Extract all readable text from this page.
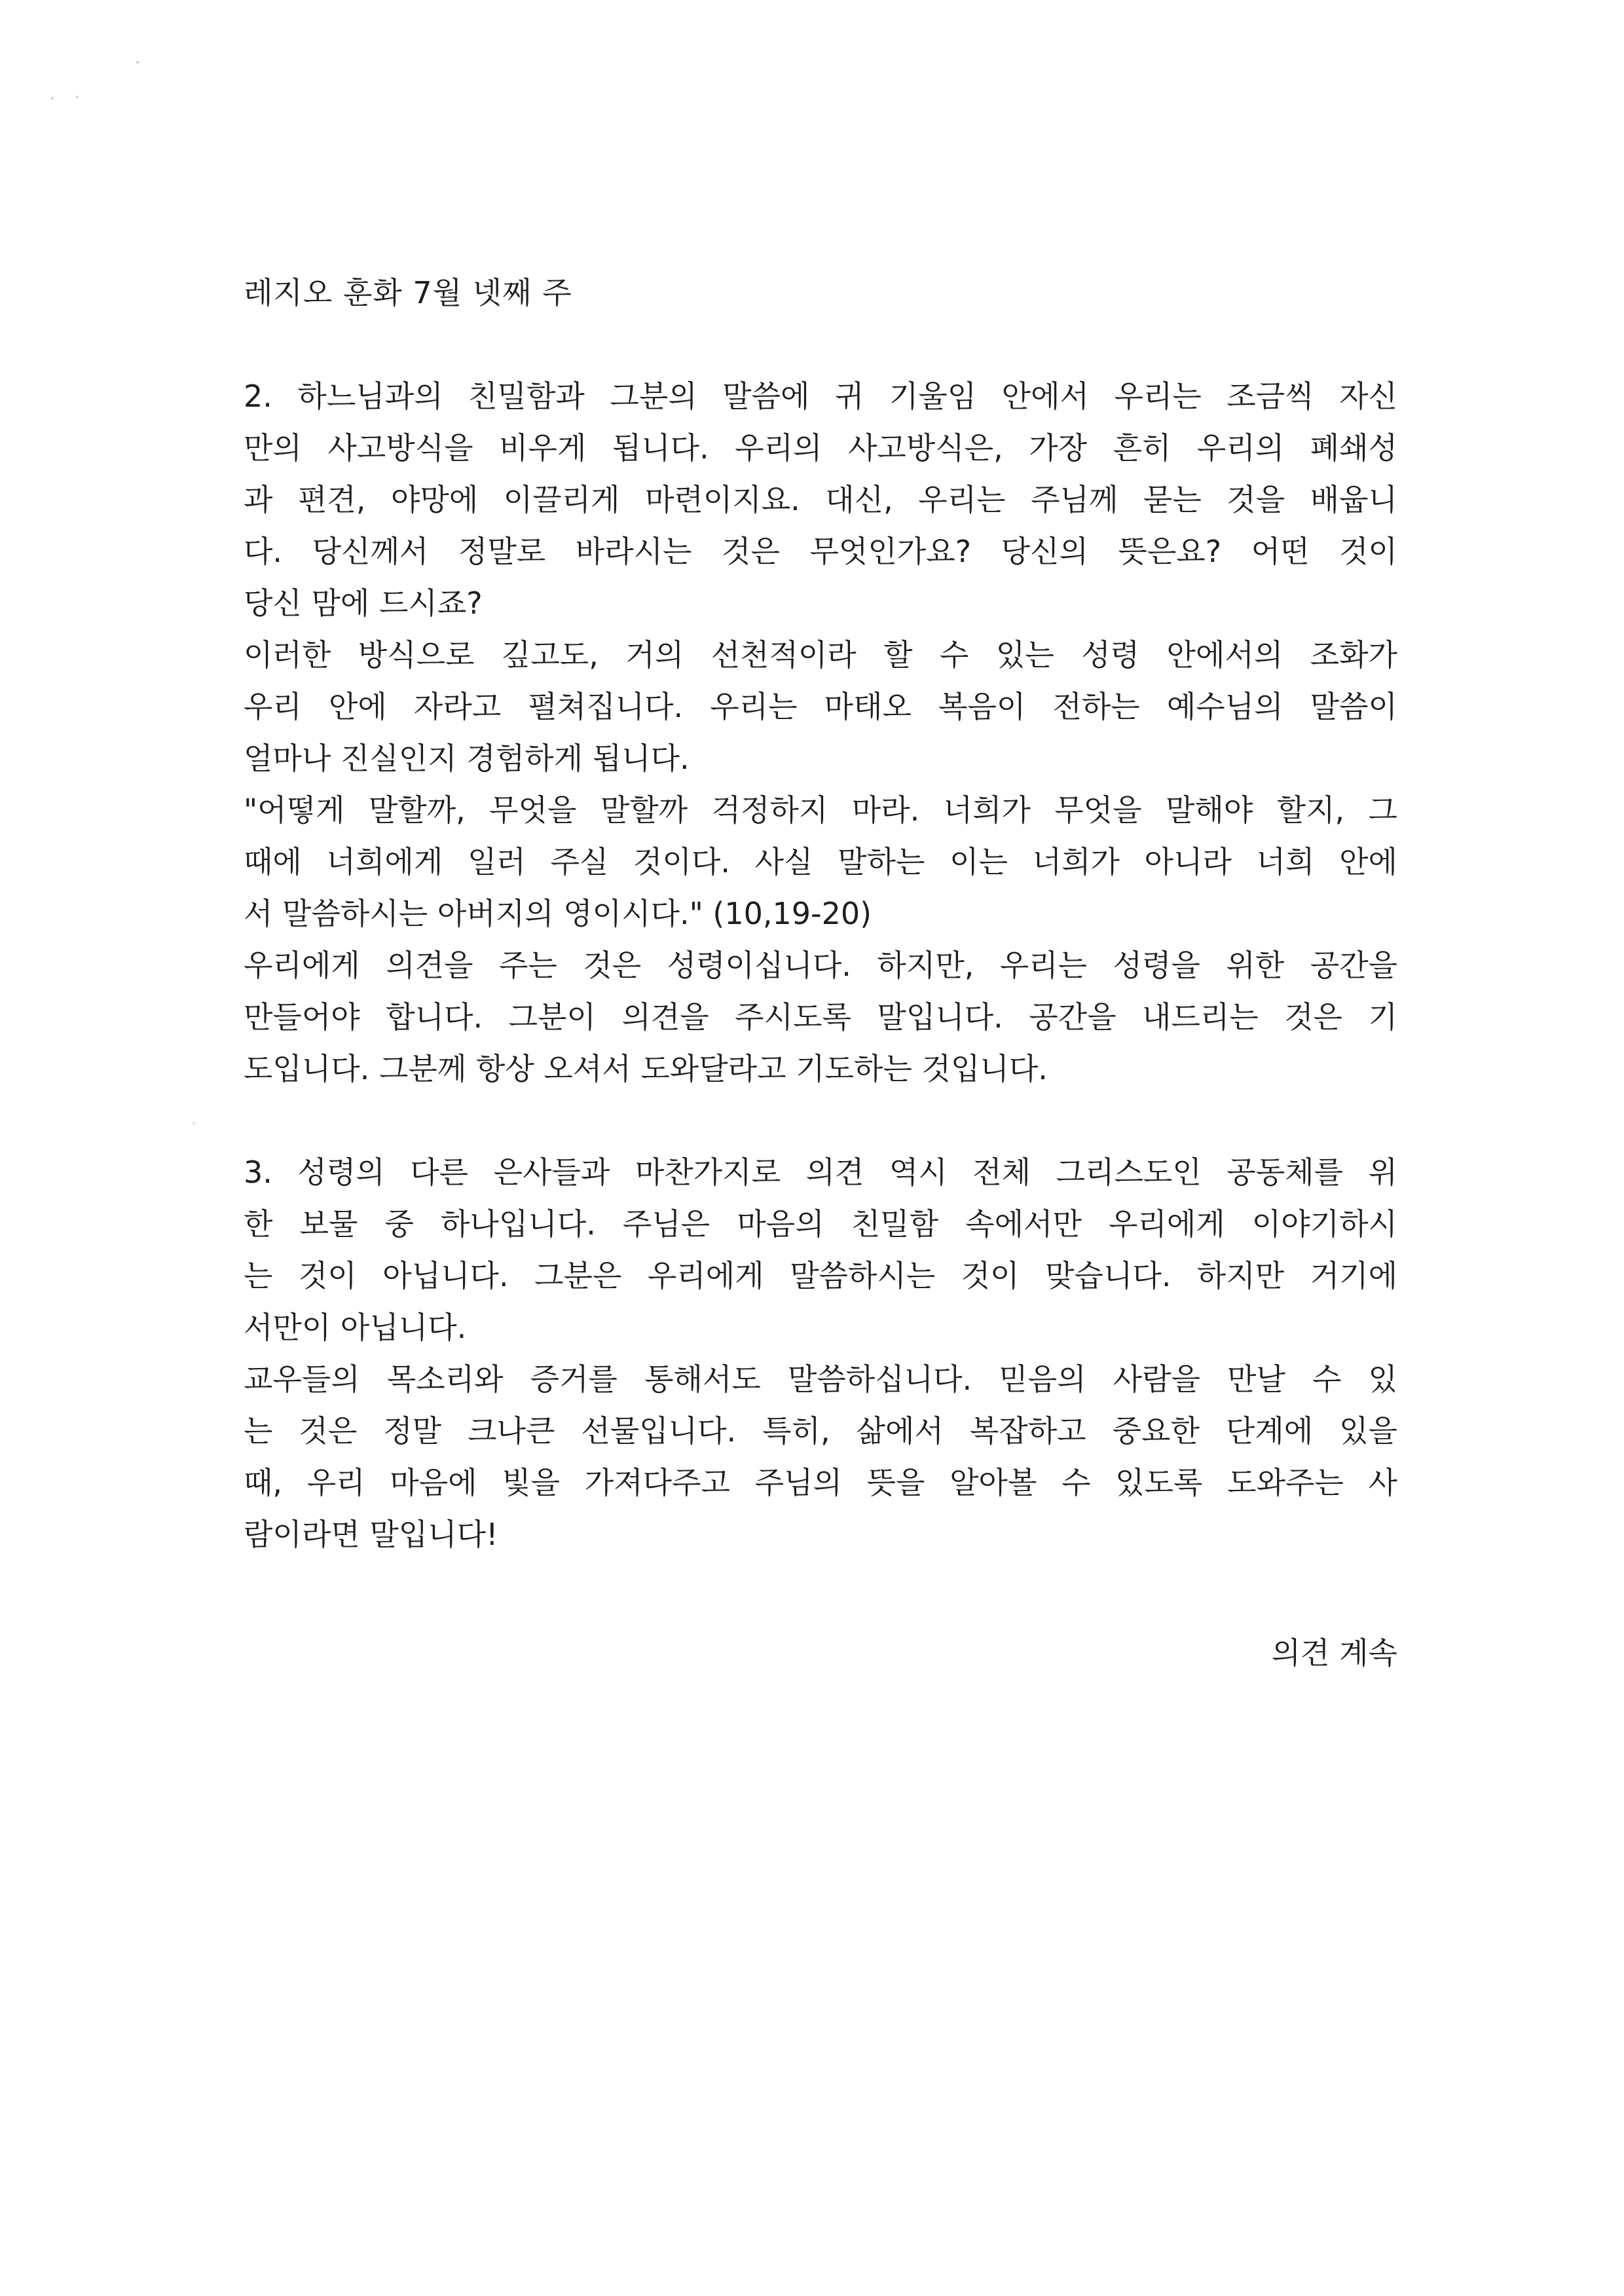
레지오 훈화 7월 넷째 주

2. 하느님과의 친밀함과 그분의 말씀에 귀 기울임 안에서 우리는 조금씩 자신
만의 사고방식을 비우게 됩니다. 우리의 사고방식은, 가장 흔히 우리의 폐쇄성
과 편견, 야망에 이끌리게 마련이지요. 대신, 우리는 주님께 묻는 것을 배웁니
다. 당신께서 정말로 바라시는 것은 무엇인가요? 당신의 뜻은요? 어떤 것이
당신 맘에 드시죠?
이러한 방식으로 깊고도, 거의 선천적이라 할 수 있는 성령 안에서의 조화가
우리 안에 자라고 펼쳐집니다. 우리는 마태오 복음이 전하는 예수님의 말씀이
얼마나 진실인지 경험하게 됩니다.
"어떻게 말할까, 무엇을 말할까 걱정하지 마라. 너희가 무엇을 말해야 할지, 그
때에 너희에게 일러 주실 것이다. 사실 말하는 이는 너희가 아니라 너희 안에
서 말씀하시는 아버지의 영이시다." (10,19-20)
우리에게 의견을 주는 것은 성령이십니다. 하지만, 우리는 성령을 위한 공간을
만들어야 합니다. 그분이 의견을 주시도록 말입니다. 공간을 내드리는 것은 기
도입니다. 그분께 항상 오셔서 도와달라고 기도하는 것입니다.
3. 성령의 다른 은사들과 마찬가지로 의견 역시 전체 그리스도인 공동체를 위
한 보물 중 하나입니다. 주님은 마음의 친밀함 속에서만 우리에게 이야기하시
는 것이 아닙니다. 그분은 우리에게 말씀하시는 것이 맞습니다. 하지만 거기에
서만이 아닙니다.
교우들의 목소리와 증거를 통해서도 말씀하십니다. 믿음의 사람을 만날 수 있
는 것은 정말 크나큰 선물입니다. 특히, 삶에서 복잡하고 중요한 단계에 있을
때, 우리 마음에 빛을 가져다주고 주님의 뜻을 알아볼 수 있도록 도와주는 사
람이라면 말입니다!

의견 계속
